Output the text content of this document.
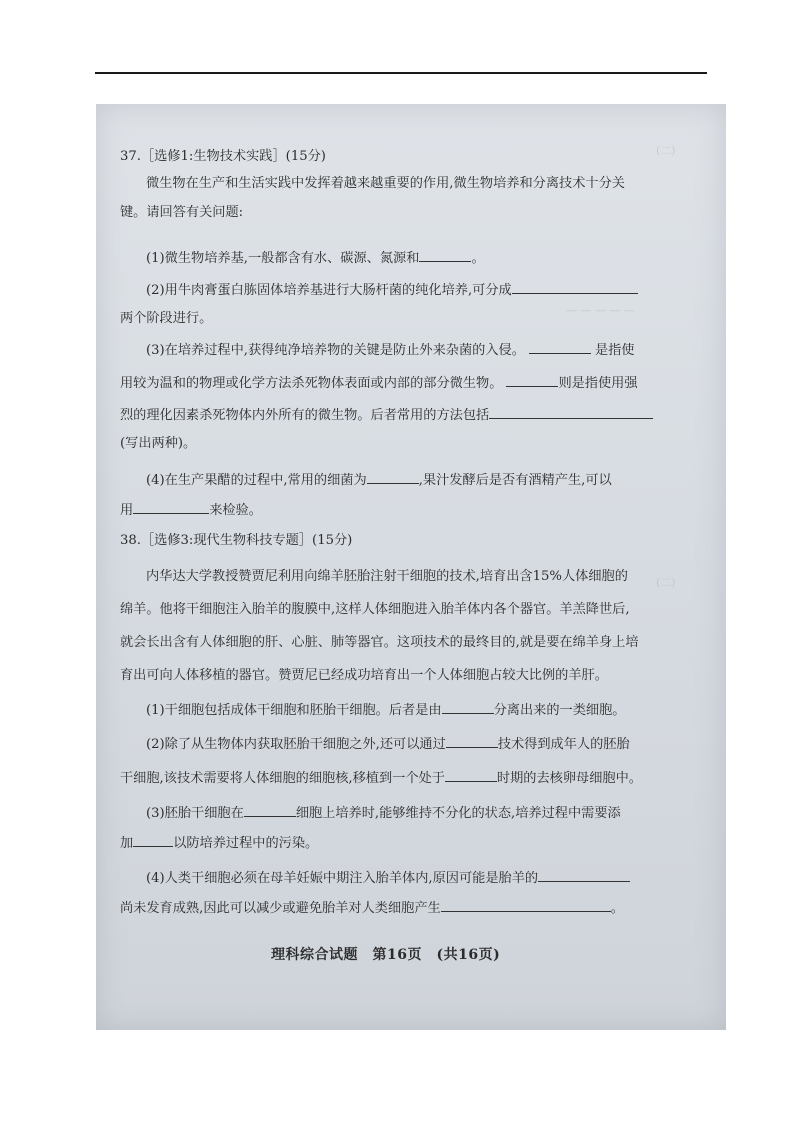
(二)
— — — — —
(二)
37.［选修1:生物技术实践］(15分)
微生物在生产和生活实践中发挥着越来越重要的作用,微生物培养和分离技术十分关
键。请回答有关问题:
(1)微生物培养基,一般都含有水、碳源、氮源和	。
(2)用牛肉膏蛋白胨固体培养基进行大肠杆菌的纯化培养,可分成
两个阶段进行。
(3)在培养过程中,获得纯净培养物的关键是防止外来杂菌的入侵。	是指使
用较为温和的物理或化学方法杀死物体表面或内部的部分微生物。	则是指使用强
烈的理化因素杀死物体内外所有的微生物。后者常用的方法包括
(写出两种)。
(4)在生产果醋的过程中,常用的细菌为	,果汁发酵后是否有酒精产生,可以
用	来检验。
38.［选修3:现代生物科技专题］(15分)
内华达大学教授赞贾尼利用向绵羊胚胎注射干细胞的技术,培育出含15%人体细胞的
绵羊。他将干细胞注入胎羊的腹膜中,这样人体细胞进入胎羊体内各个器官。羊羔降世后,
就会长出含有人体细胞的肝、心脏、肺等器官。这项技术的最终目的,就是要在绵羊身上培
育出可向人体移植的器官。赞贾尼已经成功培育出一个人体细胞占较大比例的羊肝。
(1)干细胞包括成体干细胞和胚胎干细胞。后者是由	分离出来的一类细胞。
(2)除了从生物体内获取胚胎干细胞之外,还可以通过	技术得到成年人的胚胎
干细胞,该技术需要将人体细胞的细胞核,移植到一个处于	时期的去核卵母细胞中。
(3)胚胎干细胞在	细胞上培养时,能够维持不分化的状态,培养过程中需要添
加	以防培养过程中的污染。
(4)人类干细胞必须在母羊妊娠中期注入胎羊体内,原因可能是胎羊的
尚未发育成熟,因此可以减少或避免胎羊对人类细胞产生	。
理科综合试题　第16页　(共16页)
